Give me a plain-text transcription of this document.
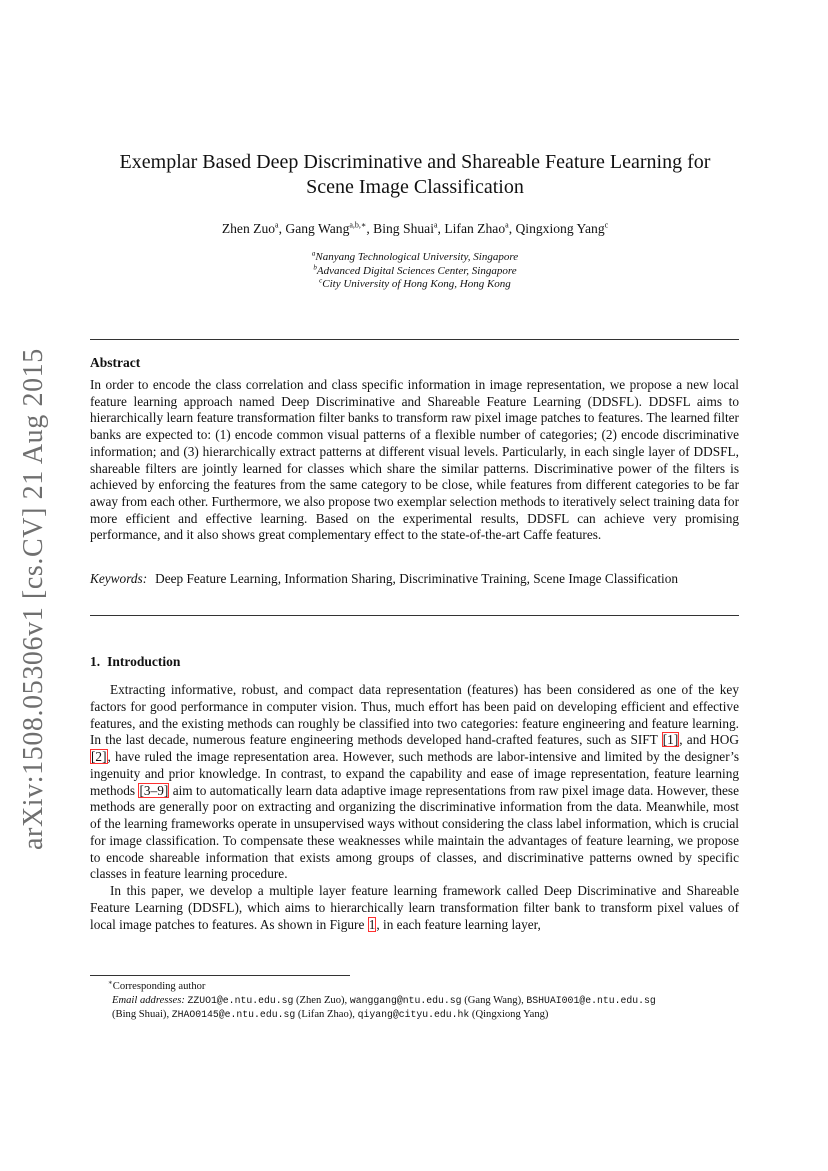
arXiv:1508.05306v1 [cs.CV] 21 Aug 2015
Exemplar Based Deep Discriminative and Shareable Feature Learning for
Scene Image Classification
Zhen Zuo$^a$, Gang Wang$^{a,b,∗}$, Bing Shuai$^a$, Lifan Zhao$^a$, Qingxiong Yang$^c$
$^a$Nanyang Technological University, Singapore
$^b$Advanced Digital Sciences Center, Singapore
$^c$City University of Hong Kong, Hong Kong
Abstract
In order to encode the class correlation and class specific information in image representation, we propose a new local feature learning approach named Deep Discriminative and Shareable Feature Learning (DDSFL). DDSFL aims to hierarchically learn feature transformation filter banks to transform raw pixel image patches to features. The learned filter banks are expected to: (1) encode common visual patterns of a flexible number of categories; (2) encode discriminative information; and (3) hierarchically extract patterns at different visual levels. Particularly, in each single layer of DDSFL, shareable filters are jointly learned for classes which share the similar patterns. Discriminative power of the filters is achieved by enforcing the features from the same category to be close, while features from different categories to be far away from each other. Furthermore, we also propose two exemplar selection methods to iteratively select training data for more efficient and effective learning. Based on the experimental results, DDSFL can achieve very promising performance, and it also shows great complementary effect to the state-of-the-art Caffe features.
Keywords: Deep Feature Learning, Information Sharing, Discriminative Training, Scene Image Classification
1. Introduction

Extracting informative, robust, and compact data representation (features) has been considered as one of the key factors for good performance in computer vision. Thus, much effort has been paid on developing efficient and effective features, and the existing methods can roughly be classified into two categories: feature engineering and feature learning. In the last decade, numerous feature engineering methods developed hand-crafted features, such as SIFT [1], and HOG [2], have ruled the image representation area. However, such methods are labor-intensive and limited by the designer’s ingenuity and prior knowledge. In contrast, to expand the capability and ease of image representation, feature learning methods [3–9] aim to automatically learn data adaptive image representations from raw pixel image data. However, these methods are generally poor on extracting and organizing the discriminative information from the data. Meanwhile, most of the learning frameworks operate in unsupervised ways without considering the class label information, which is crucial for image classification. To compensate these weaknesses while maintain the advantages of feature learning, we propose to encode shareable information that exists among groups of classes, and discriminative patterns owned by specific classes in feature learning procedure.

In this paper, we develop a multiple layer feature learning framework called Deep Discriminative and Shareable Feature Learning (DDSFL), which aims to hierarchically learn transformation filter bank to transform pixel values of local image patches to features. As shown in Figure 1, in each feature learning layer,

∗Corresponding author
Email addresses: ZZUO1@e.ntu.edu.sg (Zhen Zuo), wanggang@ntu.edu.sg (Gang Wang), BSHUAI001@e.ntu.edu.sg
(Bing Shuai), ZHAO0145@e.ntu.edu.sg (Lifan Zhao), qiyang@cityu.edu.hk (Qingxiong Yang)
